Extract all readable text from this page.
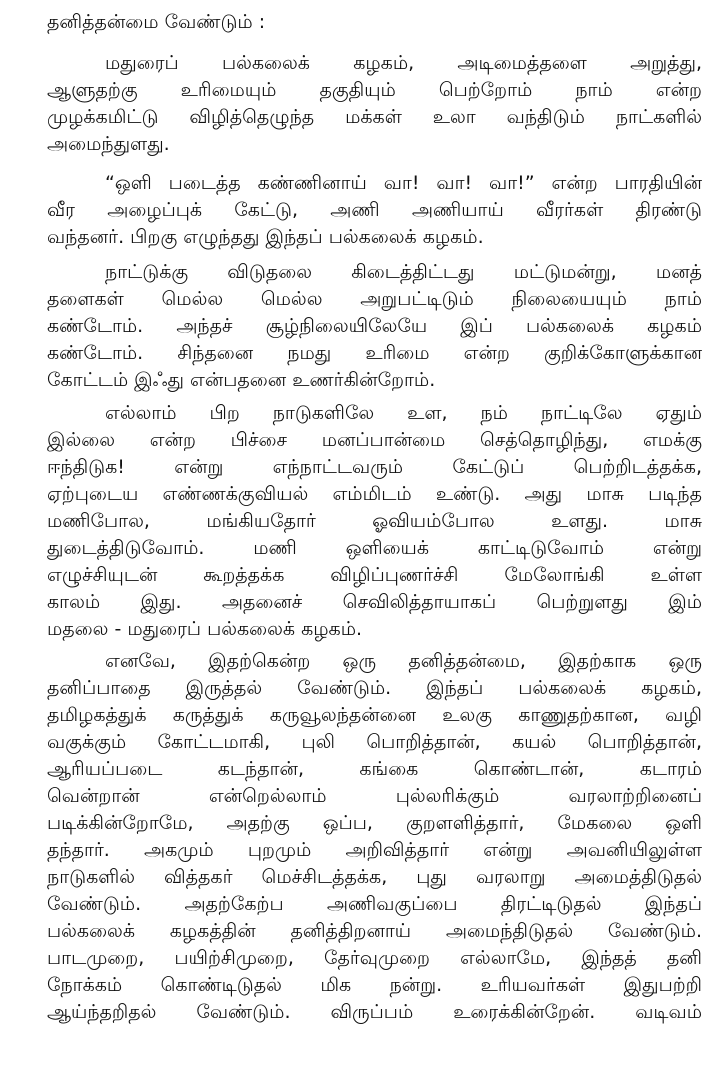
தனித்தன்மை வேண்டும் :

மதுரைப் பல்கலைக் கழகம், அடிமைத்தளை அறுத்து,
ஆளுதற்கு உரிமையும் தகுதியும் பெற்றோம் நாம் என்ற
முழக்கமிட்டு விழித்தெழுந்த மக்கள் உலா வந்திடும் நாட்களில்
அமைந்துளது.

“ஒளி படைத்த கண்ணினாய் வா! வா! வா!” என்ற பாரதியின்
வீர அழைப்புக் கேட்டு, அணி அணியாய் வீரர்கள் திரண்டு
வந்தனர். பிறகு எழுந்தது இந்தப் பல்கலைக் கழகம்.

நாட்டுக்கு விடுதலை கிடைத்திட்டது மட்டுமன்று, மனத்
தளைகள் மெல்ல மெல்ல அறுபட்டிடும் நிலையையும் நாம்
கண்டோம். அந்தச் சூழ்நிலையிலேயே இப் பல்கலைக் கழகம்
கண்டோம். சிந்தனை நமது உரிமை என்ற குறிக்கோளுக்கான
கோட்டம் இஃது என்பதனை உணர்கின்றோம்.

எல்லாம் பிற நாடுகளிலே உள, நம் நாட்டிலே ஏதும்
இல்லை என்ற பிச்சை மனப்பான்மை செத்தொழிந்து, எமக்கு
ஈந்திடுக! என்று எந்நாட்டவரும் கேட்டுப் பெற்றிடத்தக்க,
ஏற்புடைய எண்ணக்குவியல் எம்மிடம் உண்டு. அது மாசு படிந்த
மணிபோல, மங்கியதோர் ஓவியம்போல உளது. மாசு
துடைத்திடுவோம். மணி ஒளியைக் காட்டிடுவோம் என்று
எழுச்சியுடன் கூறத்தக்க விழிப்புணர்ச்சி மேலோங்கி உள்ள
காலம் இது. அதனைச் செவிலித்தாயாகப் பெற்றுளது இம்
மதலை - மதுரைப் பல்கலைக் கழகம்.

எனவே, இதற்கென்ற ஒரு தனித்தன்மை, இதற்காக ஒரு
தனிப்பாதை இருத்தல் வேண்டும். இந்தப் பல்கலைக் கழகம்,
தமிழகத்துக் கருத்துக் கருவூலந்தன்னை உலகு காணுதற்கான, வழி
வகுக்கும் கோட்டமாகி, புலி பொறித்தான், கயல் பொறித்தான்,
ஆரியப்படை கடந்தான், கங்கை கொண்டான், கடாரம்
வென்றான் என்றெல்லாம் புல்லரிக்கும் வரலாற்றினைப்
படிக்கின்றோமே, அதற்கு ஒப்ப, குறளளித்தார், மேகலை ஒளி
தந்தார். அகமும் புறமும் அறிவித்தார் என்று அவனியிலுள்ள
நாடுகளில் வித்தகர் மெச்சிடத்தக்க, புது வரலாறு அமைத்திடுதல்
வேண்டும். அதற்கேற்ப அணிவகுப்பை திரட்டிடுதல் இந்தப்
பல்கலைக் கழகத்தின் தனித்திறனாய் அமைந்திடுதல் வேண்டும்.
பாடமுறை, பயிற்சிமுறை, தேர்வுமுறை எல்லாமே, இந்தத் தனி
நோக்கம் கொண்டிடுதல் மிக நன்று. உரியவர்கள் இதுபற்றி
ஆய்ந்தறிதல் வேண்டும். விருப்பம் உரைக்கின்றேன். வடிவம்
